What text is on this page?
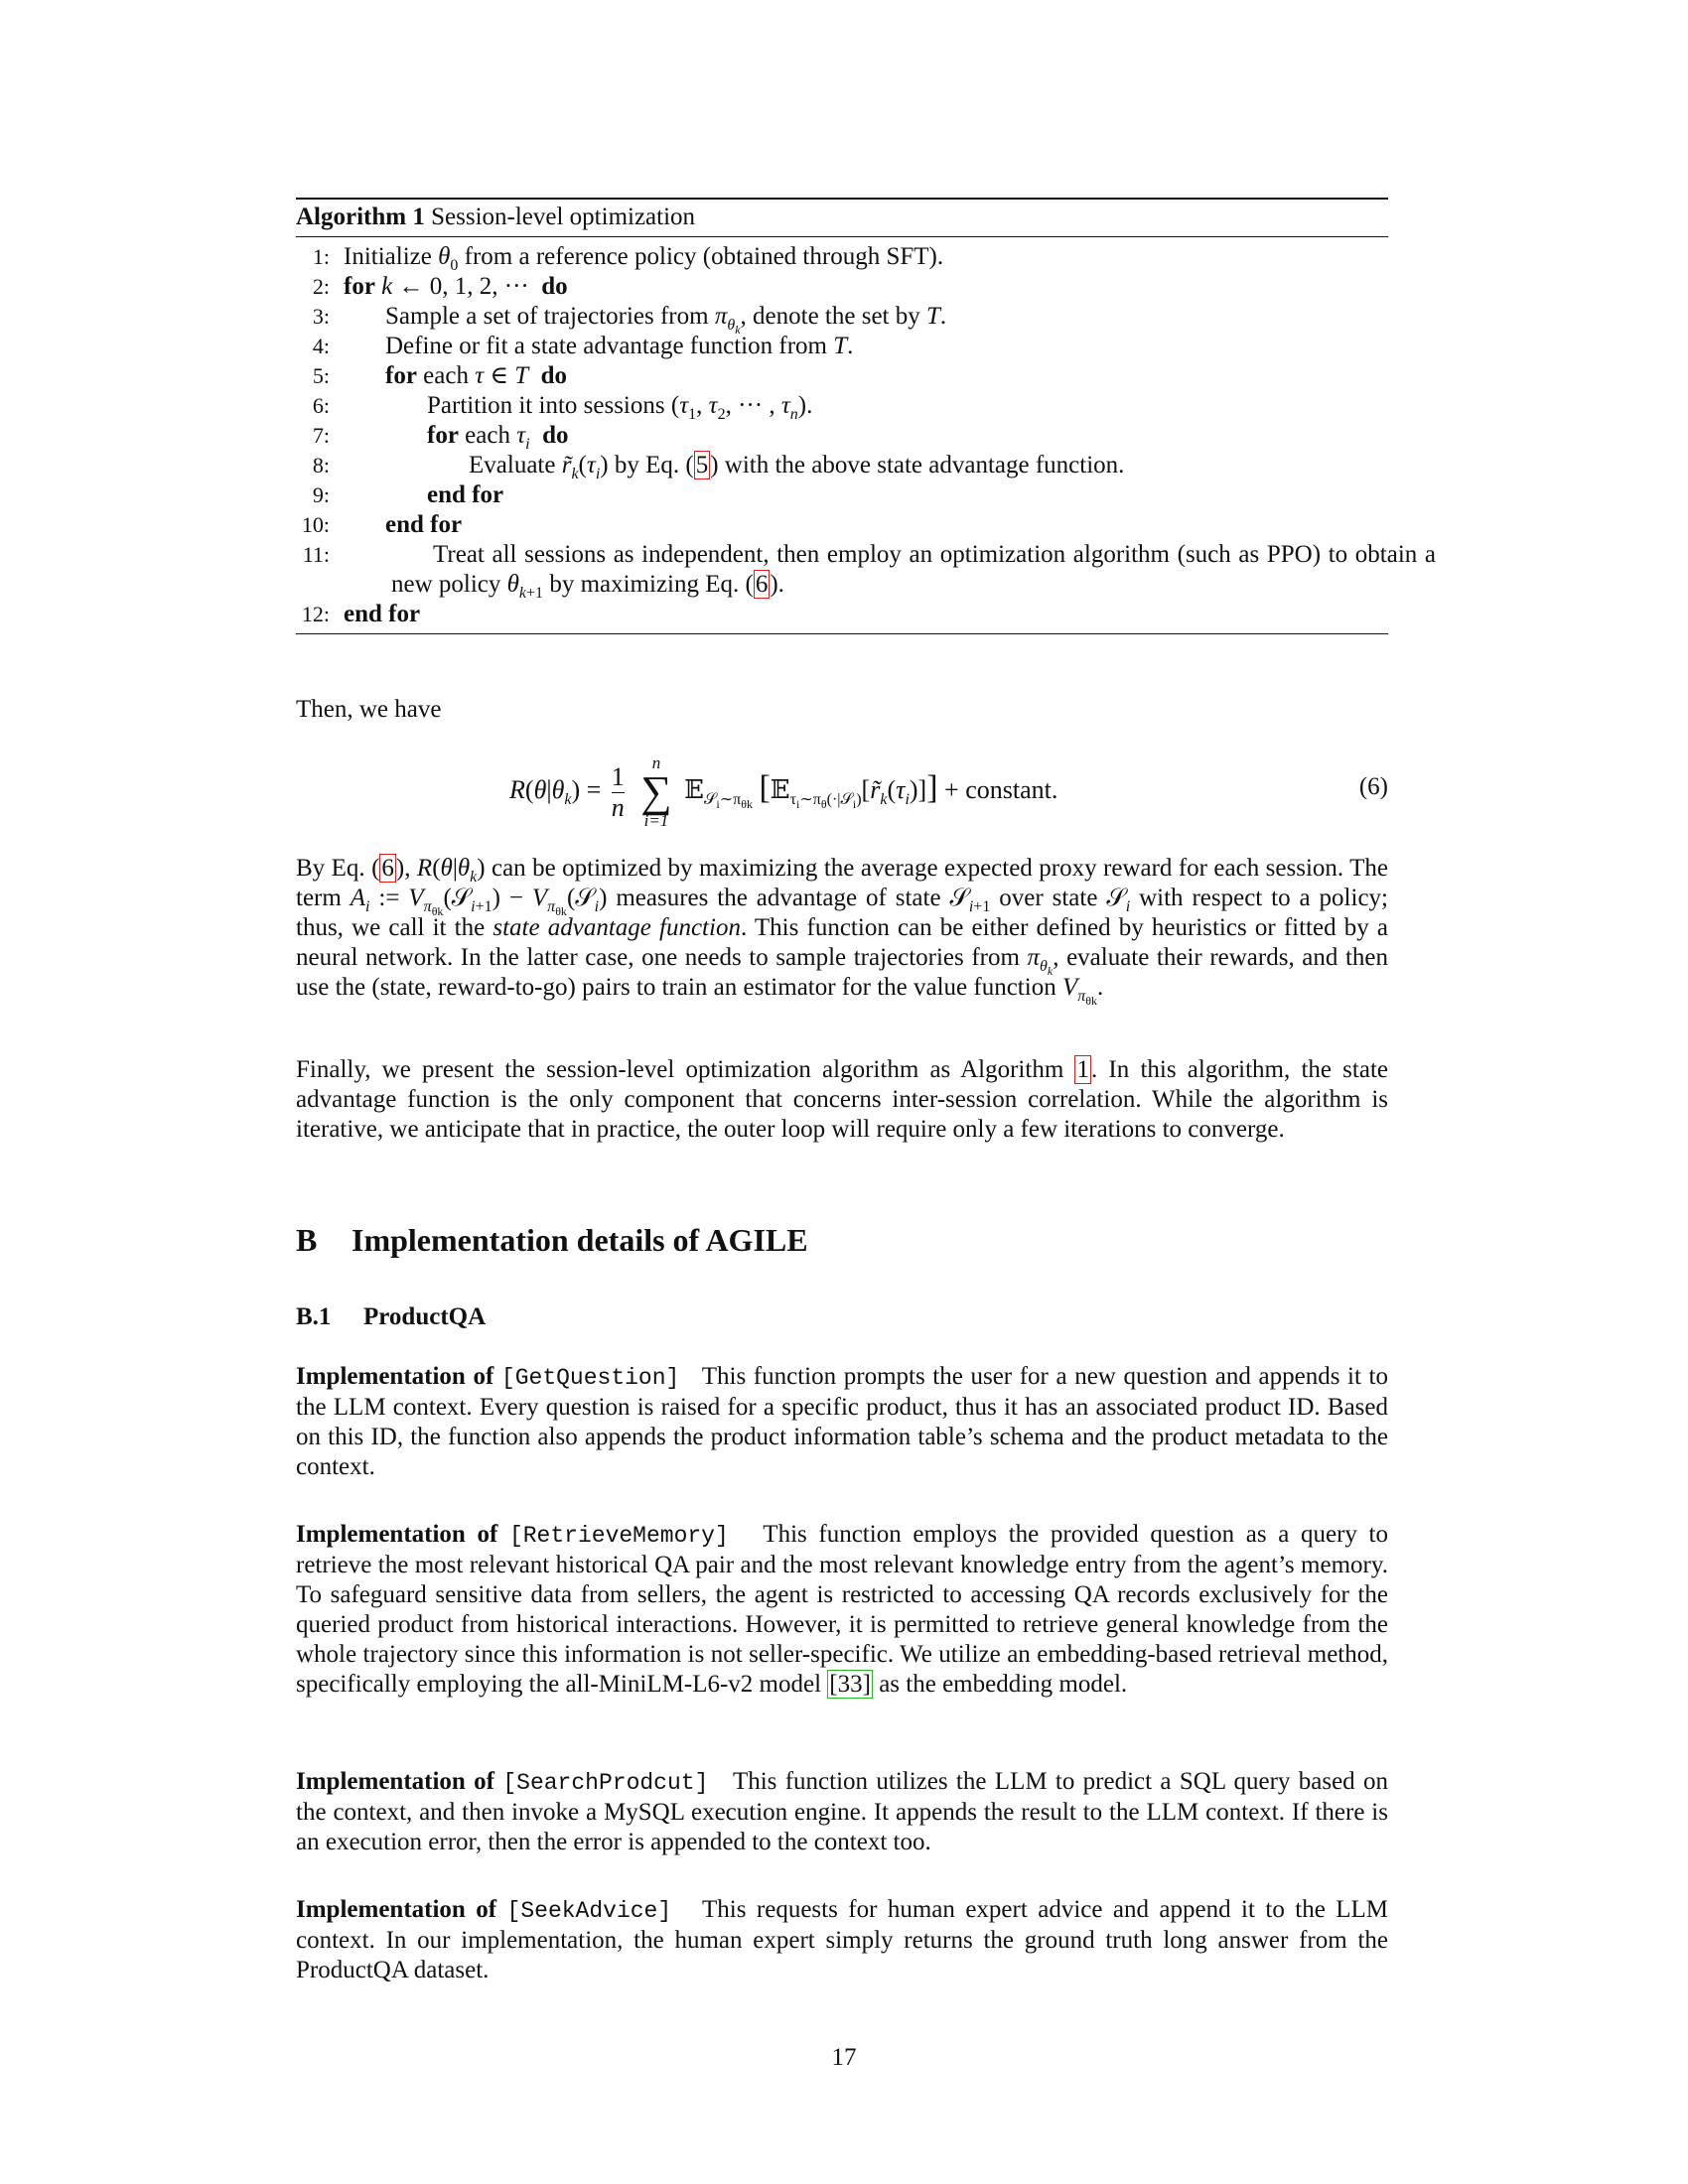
Algorithm 1 Session-level optimization
1: Initialize $\theta_0$ from a reference policy (obtained through SFT).
2: for k ← 0, 1, 2, ···  do
3: Sample a set of trajectories from $\pi_{\theta_k}$, denote the set by T.
4: Define or fit a state advantage function from T.
5: for each τ ∈ T do
6:	Partition it into sessions ($\tau_1$, $\tau_2$, ··· , $\tau_n$).
7:	for each $\tau_i$ do
8:	Evaluate $r̃_k(\tau_i)$ by Eq. (5) with the above state advantage function.
9:	end for
10: end for
11:	Treat all sessions as independent, then employ an optimization algorithm (such as PPO) to obtain a new policy $\theta_{k+1}$ by maximizing Eq. (6).
12: end for
Then, we have
$R(\theta|\theta_k) = \frac{1}{n}$
	n
∑
i=1
𝔼$_{𝒮_i\sim\pi_{\theta k}}$ $[𝔼_{\tau_i\sim\pi_\theta(\cdot|𝒮_i)}[r̃_k(\tau_i)]]$ + constant.	(6)
By Eq. (6), $R(\theta|\theta_k)$ can be optimized by maximizing the average expected proxy reward for each session. The term $A_i$ := $V_{\pi_{\theta k}}(𝒮_{i+1})$ − $V_{\pi_{\theta k}}(𝒮_i)$ measures the advantage of state 𝒮$_{i+1}$ over state 𝒮$_i$ with respect to a policy; thus, we call it the state advantage function. This function can be either defined by heuristics or fitted by a neural network. In the latter case, one needs to sample trajectories from $\pi_{\theta_k}$, evaluate their rewards, and then use the (state, reward-to-go) pairs to train an estimator for the value function $V_{\pi_{\theta k}}$.
Finally, we present the session-level optimization algorithm as Algorithm 1. In this algorithm, the state advantage function is the only component that concerns inter-session correlation. While the algorithm is iterative, we anticipate that in practice, the outer loop will require only a few iterations to converge.
B Implementation details of AGILE
B.1 ProductQA
Implementation of [GetQuestion] This function prompts the user for a new question and appends it to the LLM context. Every question is raised for a specific product, thus it has an associated product ID. Based on this ID, the function also appends the product information table’s schema and the product metadata to the context.
Implementation of [RetrieveMemory] This function employs the provided question as a query to retrieve the most relevant historical QA pair and the most relevant knowledge entry from the agent’s memory. To safeguard sensitive data from sellers, the agent is restricted to accessing QA records exclusively for the queried product from historical interactions. However, it is permitted to retrieve general knowledge from the whole trajectory since this information is not seller-specific. We utilize an embedding-based retrieval method, specifically employing the all-MiniLM-L6-v2 model [33] as the embedding model.
Implementation of [SearchProdcut] This function utilizes the LLM to predict a SQL query based on the context, and then invoke a MySQL execution engine. It appends the result to the LLM context. If there is an execution error, then the error is appended to the context too.
Implementation of [SeekAdvice] This requests for human expert advice and append it to the LLM context. In our implementation, the human expert simply returns the ground truth long answer from the ProductQA dataset.
17
